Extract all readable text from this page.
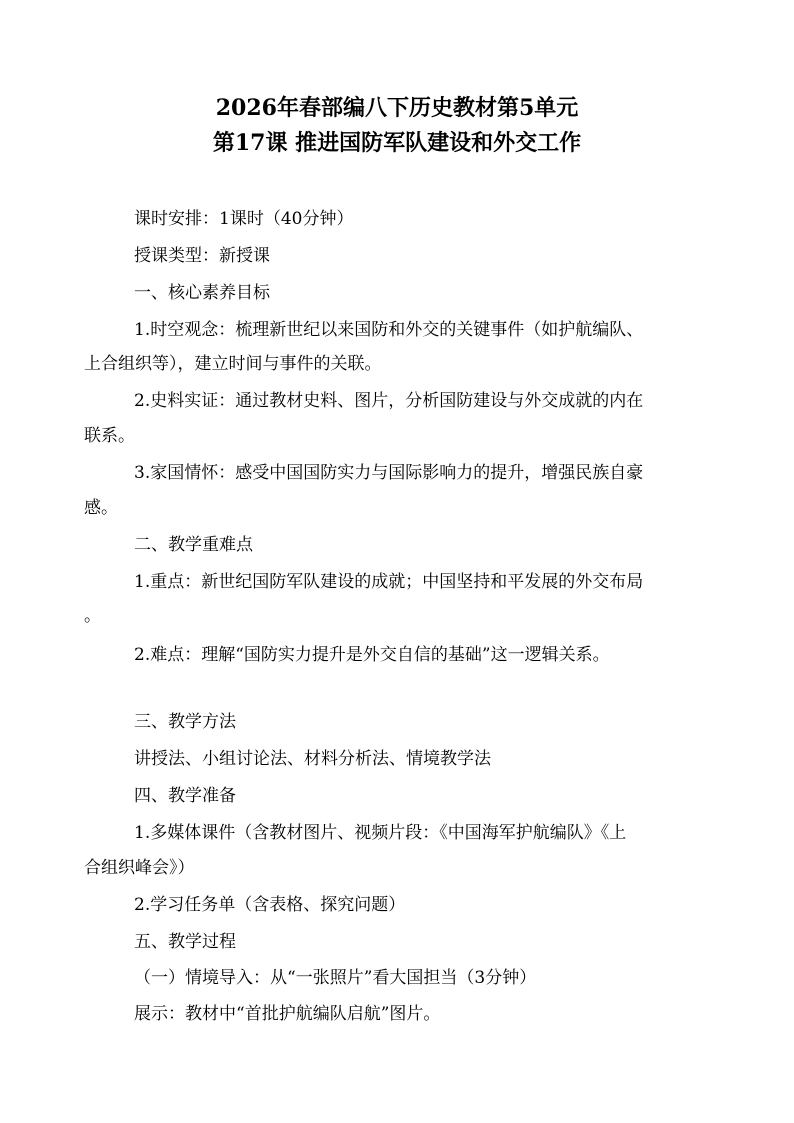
2026年春部编八下历史教材第5单元
第17课 推进国防军队建设和外交工作
课时安排：1课时（40分钟）
授课类型：新授课
一、核心素养目标
1.时空观念：梳理新世纪以来国防和外交的关键事件（如护航编队、
上合组织等），建立时间与事件的关联。
2.史料实证：通过教材史料、图片，分析国防建设与外交成就的内在
联系。
3.家国情怀：感受中国国防实力与国际影响力的提升，增强民族自豪
感。
二、教学重难点
1.重点：新世纪国防军队建设的成就；中国坚持和平发展的外交布局
。
2.难点：理解“国防实力提升是外交自信的基础”这一逻辑关系。
三、教学方法
讲授法、小组讨论法、材料分析法、情境教学法
四、教学准备
1.多媒体课件（含教材图片、视频片段：《中国海军护航编队》《上
合组织峰会》）
2.学习任务单（含表格、探究问题）
五、教学过程
（一）情境导入：从“一张照片”看大国担当（3分钟）
展示：教材中“首批护航编队启航”图片。
